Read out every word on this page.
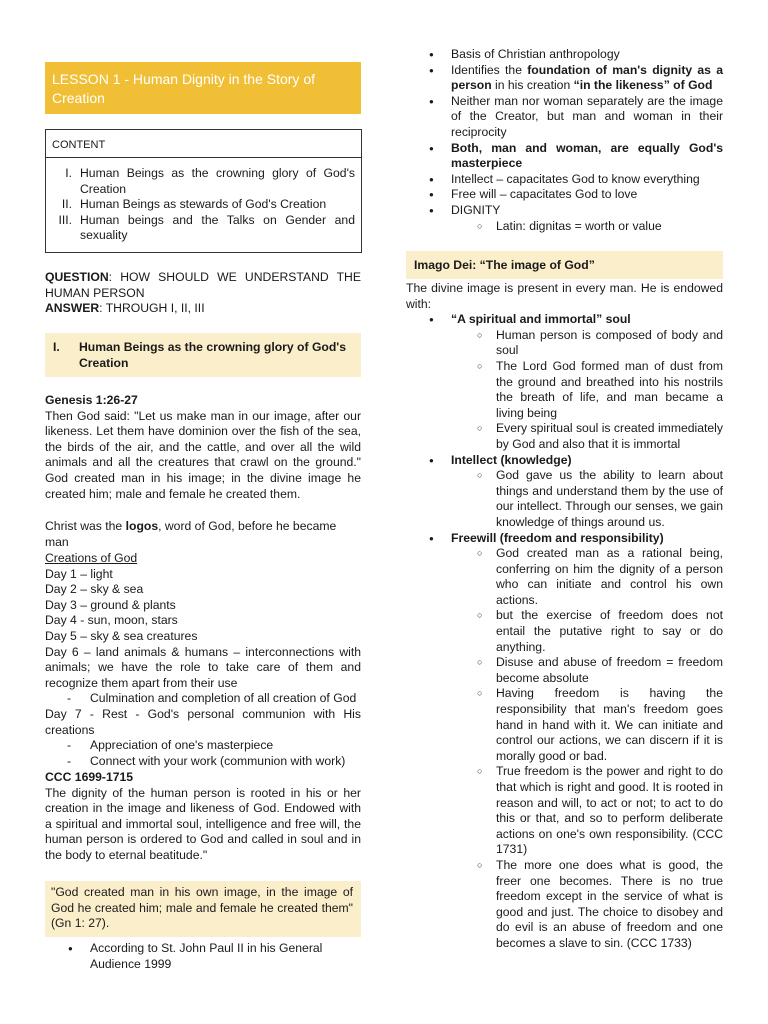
LESSON 1 - Human Dignity in the Story of Creation
CONTENT
I. Human Beings as the crowning glory of God's Creation
II. Human Beings as stewards of God's Creation
III. Human beings and the Talks on Gender and sexuality
QUESTION: HOW SHOULD WE UNDERSTAND THE HUMAN PERSON
ANSWER: THROUGH I, II, III
I.	Human Beings as the crowning glory of God's Creation
Genesis 1:26-27
Then God said: "Let us make man in our image, after our likeness. Let them have dominion over the fish of the sea, the birds of the air, and the cattle, and over all the wild animals and all the creatures that crawl on the ground." God created man in his image; in the divine image he created him; male and female he created them.
Christ was the logos, word of God, before he became man
Creations of God
Day 1 – light
Day 2 – sky & sea
Day 3 – ground & plants
Day 4 - sun, moon, stars
Day 5 – sky & sea creatures
Day 6 – land animals & humans – interconnections with animals; we have the role to take care of them and recognize them apart from their use
- Culmination and completion of all creation of God
Day 7 - Rest - God's personal communion with His creations
- Appreciation of one's masterpiece
- Connect with your work (communion with work)
CCC 1699-1715
The dignity of the human person is rooted in his or her creation in the image and likeness of God. Endowed with a spiritual and immortal soul, intelligence and free will, the human person is ordered to God and called in soul and in the body to eternal beatitude."
"God created man in his own image, in the image of God he created him; male and female he created them" (Gn 1: 27).
● According to St. John Paul II in his General Audience 1999
● Basis of Christian anthropology
● Identifies the foundation of man's dignity as a person in his creation “in the likeness” of God
● Neither man nor woman separately are the image of the Creator, but man and woman in their reciprocity
● Both, man and woman, are equally God's masterpiece
● Intellect – capacitates God to know everything
● Free will – capacitates God to love
● DIGNITY
○ Latin: dignitas = worth or value
Imago Dei: “The image of God”
The divine image is present in every man. He is endowed with:
● “A spiritual and immortal” soul
○ Human person is composed of body and soul
○ The Lord God formed man of dust from the ground and breathed into his nostrils the breath of life, and man became a living being
○ Every spiritual soul is created immediately by God and also that it is immortal
● Intellect (knowledge)
○ God gave us the ability to learn about things and understand them by the use of our intellect. Through our senses, we gain knowledge of things around us.
● Freewill (freedom and responsibility)
○ God created man as a rational being, conferring on him the dignity of a person who can initiate and control his own actions.
○ but the exercise of freedom does not entail the putative right to say or do anything.
○ Disuse and abuse of freedom = freedom become absolute
○ Having freedom is having the responsibility that man's freedom goes hand in hand with it. We can initiate and control our actions, we can discern if it is morally good or bad.
○ True freedom is the power and right to do that which is right and good. It is rooted in reason and will, to act or not; to act to do this or that, and so to perform deliberate actions on one's own responsibility. (CCC 1731)
○ The more one does what is good, the freer one becomes. There is no true freedom except in the service of what is good and just. The choice to disobey and do evil is an abuse of freedom and one becomes a slave to sin. (CCC 1733)
